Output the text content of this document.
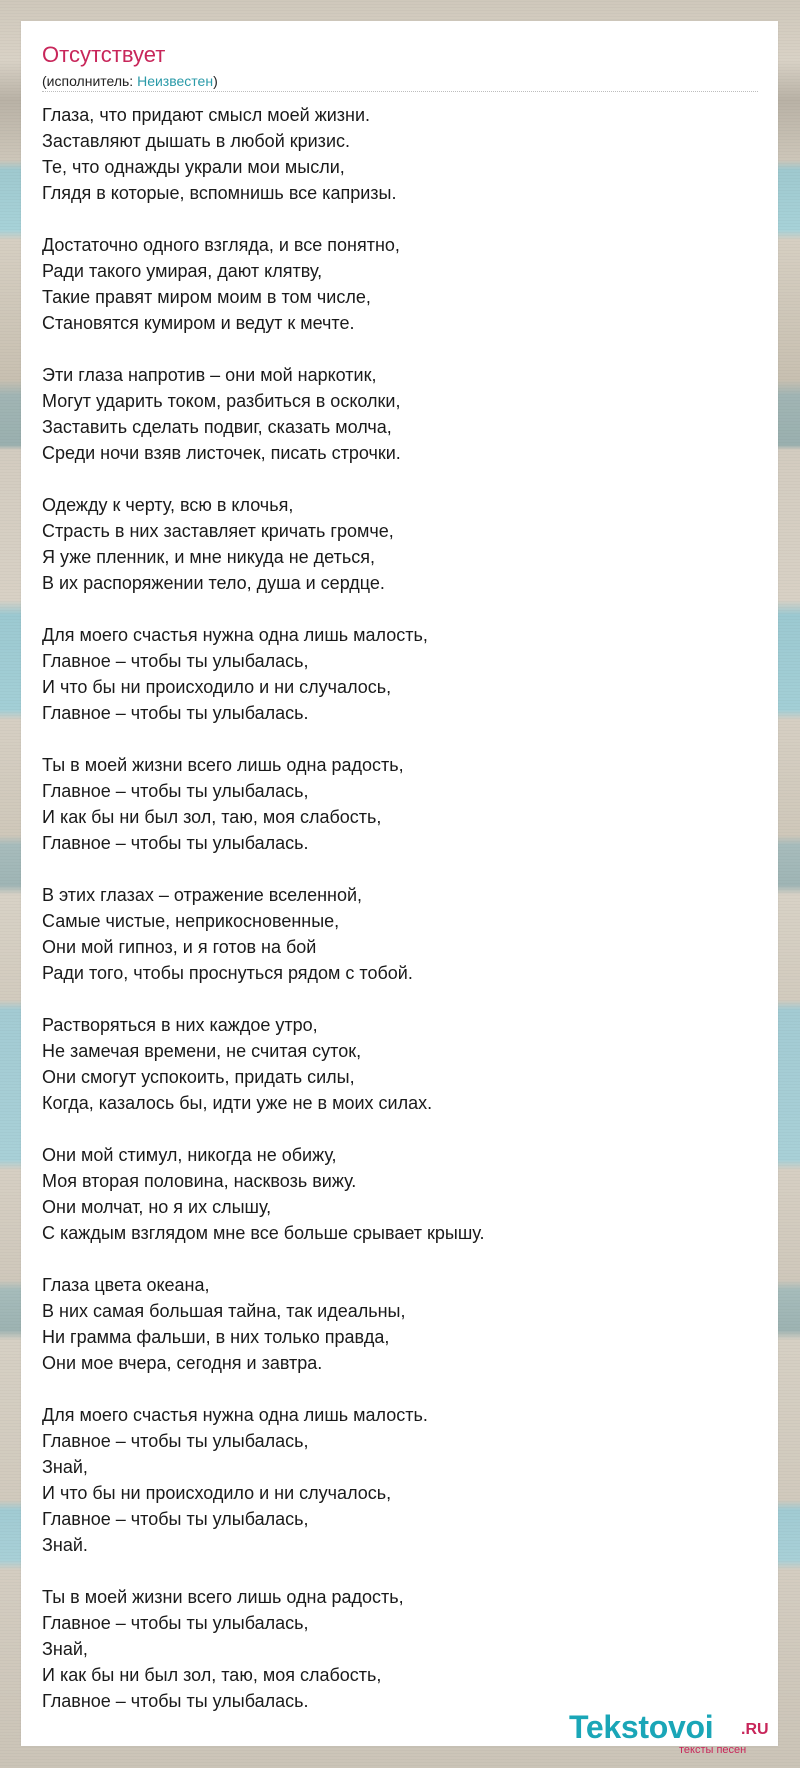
Отсутствует
(исполнитель: Неизвестен)
Глаза, что придают смысл моей жизни.
Заставляют дышать в любой кризис.
Те, что однажды украли мои мысли,
Глядя в которые, вспомнишь все капризы.
Достаточно одного взгляда, и все понятно,
Ради такого умирая, дают клятву,
Такие правят миром моим в том числе,
Становятся кумиром и ведут к мечте.
Эти глаза напротив – они мой наркотик,
Могут ударить током, разбиться в осколки,
Заставить сделать подвиг, сказать молча,
Среди ночи взяв листочек, писать строчки.
Одежду к черту, всю в клочья,
Страсть в них заставляет кричать громче,
Я уже пленник, и мне никуда не деться,
В их распоряжении тело, душа и сердце.
Для моего счастья нужна одна лишь малость,
Главное – чтобы ты улыбалась,
И что бы ни происходило и ни случалось,
Главное – чтобы ты улыбалась.
Ты в моей жизни всего лишь одна радость,
Главное – чтобы ты улыбалась,
И как бы ни был зол, таю, моя слабость,
Главное – чтобы ты улыбалась.
В этих глазах – отражение вселенной,
Самые чистые, неприкосновенные,
Они мой гипноз, и я готов на бой
Ради того, чтобы проснуться рядом с тобой.
Растворяться в них каждое утро,
Не замечая времени, не считая суток,
Они смогут успокоить, придать силы,
Когда, казалось бы, идти уже не в моих силах.
Они мой стимул, никогда не обижу,
Моя вторая половина, насквозь вижу.
Они молчат, но я их слышу,
С каждым взглядом мне все больше срывает крышу.
Глаза цвета океана,
В них самая большая тайна, так идеальны,
Ни грамма фальши, в них только правда,
Они мое вчера, сегодня и завтра.
Для моего счастья нужна одна лишь малость.
Главное – чтобы ты улыбалась,
Знай,
И что бы ни происходило и ни случалось,
Главное – чтобы ты улыбалась,
Знай.
Ты в моей жизни всего лишь одна радость,
Главное – чтобы ты улыбалась,
Знай,
И как бы ни был зол, таю, моя слабость,
Главное – чтобы ты улыбалась.
Tekstovoi .RU
тексты песен
